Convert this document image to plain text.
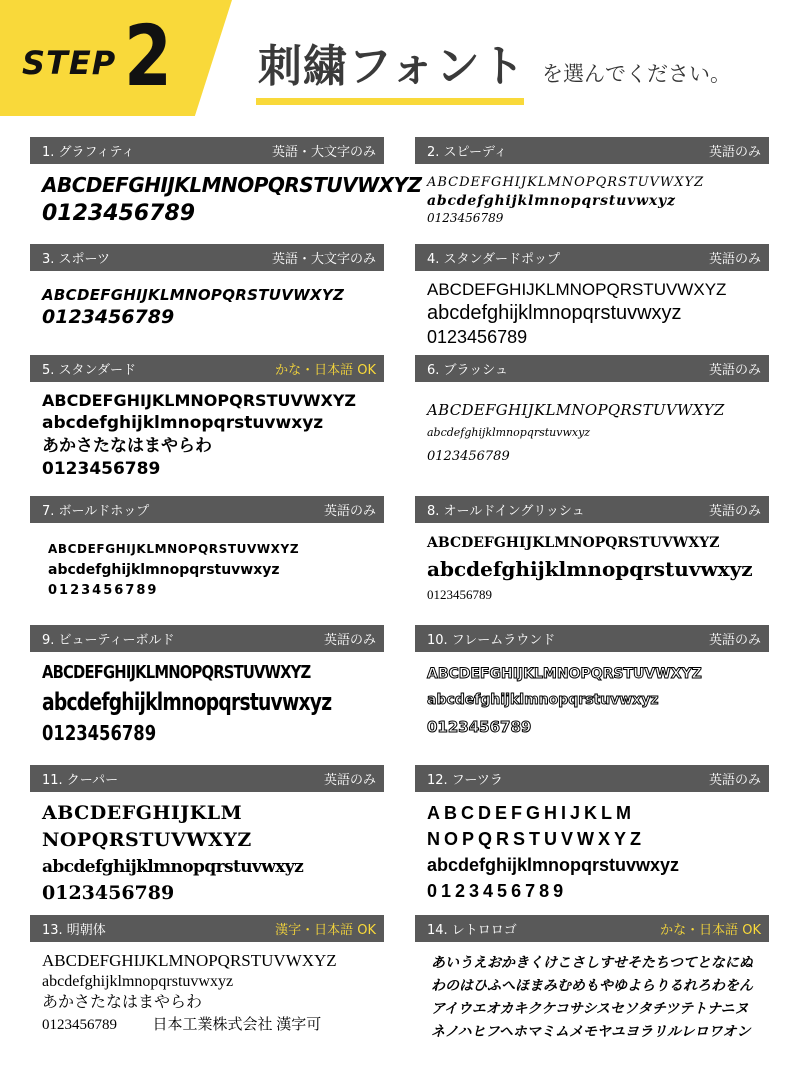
STEP 2 刺繍フォント を選んでください。
1. グラフィティ	英語・大文字のみ
ABCDEFGHIJKLMNOPQRSTUVWXYZ
0123456789
2. スピーディ	英語のみ
ABCDEFGHIJKLMNOPQRSTUVWXYZ
abcdefghijklmnopqrstuvwxyz
0123456789
3. スポーツ	英語・大文字のみ
ABCDEFGHIJKLMNOPQRSTUVWXYZ
0123456789
4. スタンダードポップ	英語のみ
ABCDEFGHIJKLMNOPQRSTUVWXYZ
abcdefghijklmnopqrstuvwxyz
0123456789
5. スタンダード	かな・日本語 OK
ABCDEFGHIJKLMNOPQRSTUVWXYZ
abcdefghijklmnopqrstuvwxyz
あかさたなはまやらわ
0123456789
6. ブラッシュ	英語のみ
ABCDEFGHIJKLMNOPQRSTUVWXYZ
abcdefghijklmnopqrstuvwxyz
0123456789
7. ボールドホップ	英語のみ
ABCDEFGHIJKLMNOPQRSTUVWXYZ
abcdefghijklmnopqrstuvwxyz
0123456789
8. オールドイングリッシュ	英語のみ
ABCDEFGHIJKLMNOPQRSTUVWXYZ
abcdefghijklmnopqrstuvwxyz
0123456789
9. ビューティーボルド	英語のみ
ABCDEFGHIJKLMNOPQRSTUVWXYZ
abcdefghijklmnopqrstuvwxyz
0123456789
10. フレームラウンド	英語のみ
ABCDEFGHIJKLMNOPQRSTUVWXYZ
abcdefghijklmnopqrstuvwxyz
0123456789
11. クーパー	英語のみ
ABCDEFGHIJKLM
NOPQRSTUVWXYZ
abcdefghijklmnopqrstuvwxyz
0123456789
12. フーツラ	英語のみ
ABCDEFGHIJKLM
NOPQRSTUVWXYZ
abcdefghijklmnopqrstuvwxyz
0123456789
13. 明朝体	漢字・日本語 OK
ABCDEFGHIJKLMNOPQRSTUVWXYZ
abcdefghijklmnopqrstuvwxyz
あかさたなはまやらわ
0123456789 日本工業株式会社 漢字可
14. レトロロゴ	かな・日本語 OK
あいうえおかきくけこさしすせそたちつてとなにぬ
わのはひふへほまみむめもやゆよらりるれろわをん
アイウエオカキクケコサシスセソタチツテトナニヌ
ネノハヒフヘホマミムメモヤユヨラリルレロワオン
